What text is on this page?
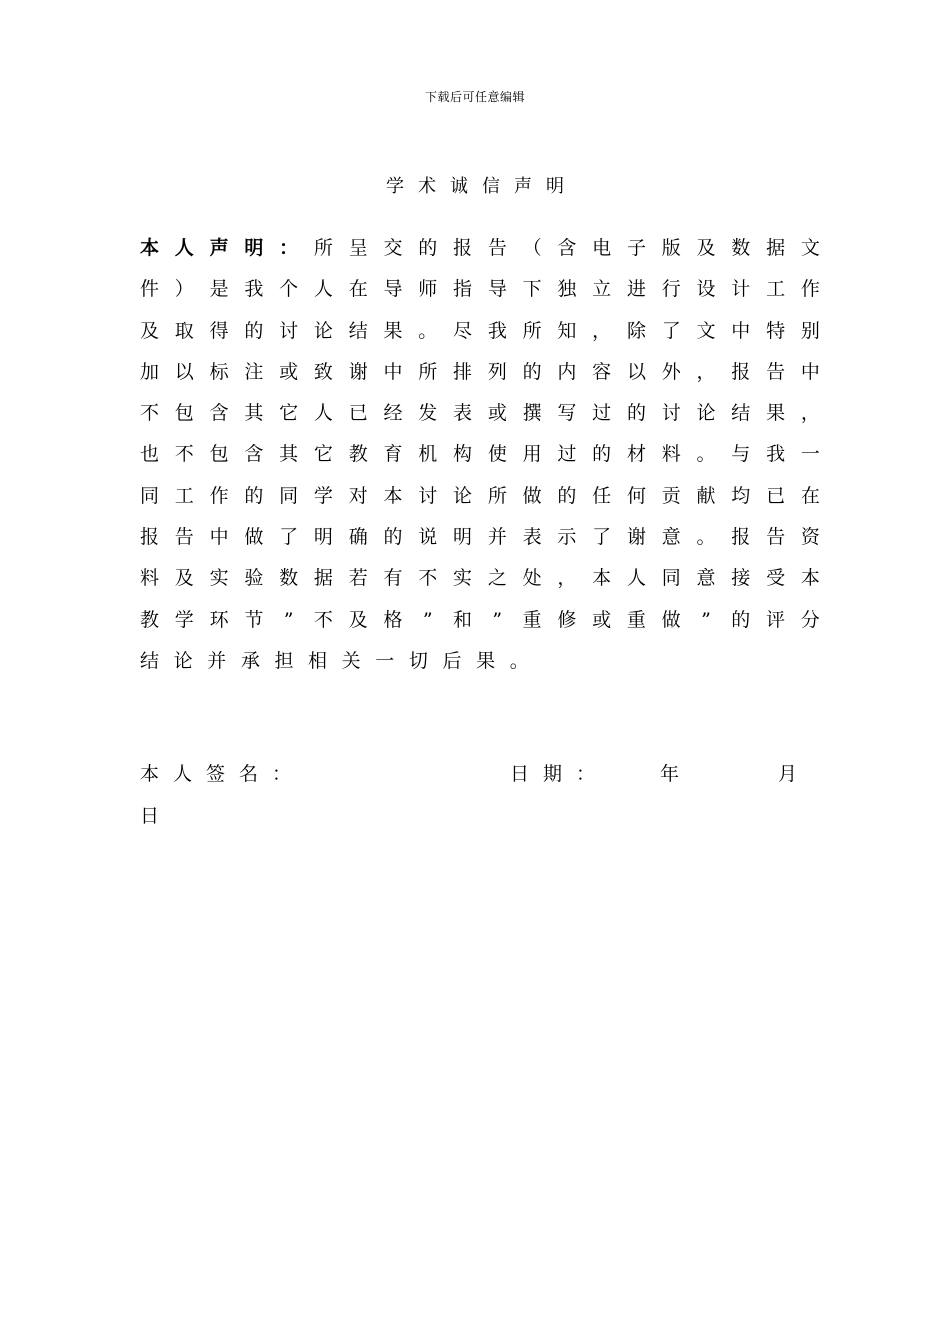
下载后可任意编辑
学术诚信声明
本 人 声 明 ： 所 呈 交 的 报 告 （ 含 电 子 版 及 数 据 文
件 ） 是 我 个 人 在 导 师 指 导 下 独 立 进 行 设 计 工 作
及 取 得 的 讨 论 结 果 。 尽 我 所 知 ， 除 了 文 中 特 别
加 以 标 注 或 致 谢 中 所 排 列 的 内 容 以 外 ， 报 告 中
不 包 含 其 它 人 已 经 发 表 或 撰 写 过 的 讨 论 结 果 ，
也 不 包 含 其 它 教 育 机 构 使 用 过 的 材 料 。 与 我 一
同 工 作 的 同 学 对 本 讨 论 所 做 的 任 何 贡 献 均 已 在
报 告 中 做 了 明 确 的 说 明 并 表 示 了 谢 意 。 报 告 资
料 及 实 验 数 据 若 有 不 实 之 处 ， 本 人 同 意 接 受 本
教 学 环 节 ” 不 及 格 ” 和 ” 重 修 或 重 做 ” 的 评 分
结 论 并 承 担 相 关 一 切 后 果 。
本人签名：	日期：	年	月
日
